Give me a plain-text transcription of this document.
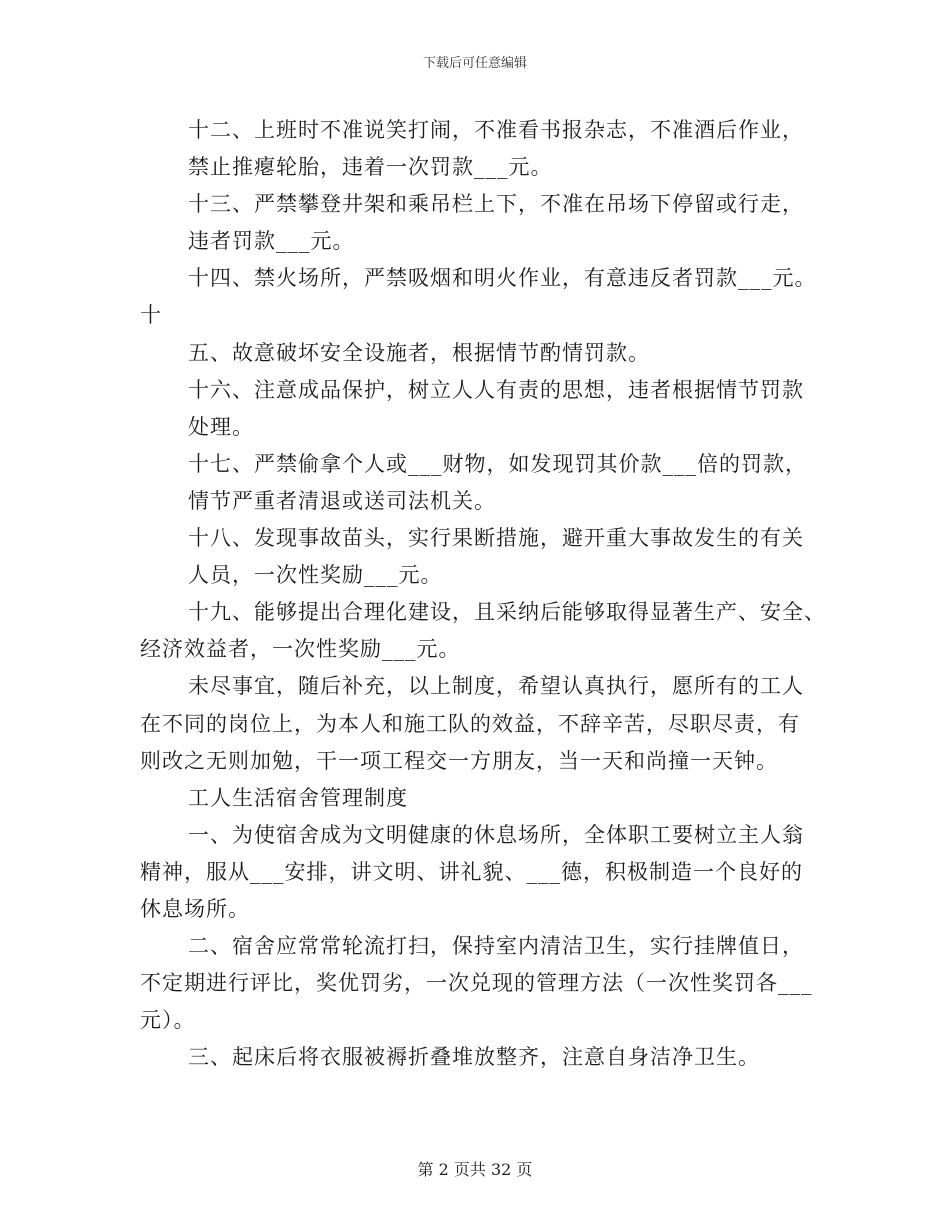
下载后可任意编辑
十二、上班时不准说笑打闹，不准看书报杂志，不准酒后作业，
禁止推瘪轮胎，违着一次罚款___元。
十三、严禁攀登井架和乘吊栏上下，不准在吊场下停留或行走，
违者罚款___元。
十四、禁火场所，严禁吸烟和明火作业，有意违反者罚款___元。
十
五、故意破坏安全设施者，根据情节酌情罚款。
十六、注意成品保护，树立人人有责的思想，违者根据情节罚款
处理。
十七、严禁偷拿个人或___财物，如发现罚其价款___倍的罚款，
情节严重者清退或送司法机关。
十八、发现事故苗头，实行果断措施，避开重大事故发生的有关
人员，一次性奖励___元。
十九、能够提出合理化建设，且采纳后能够取得显著生产、安全、
经济效益者，一次性奖励___元。
未尽事宜，随后补充，以上制度，希望认真执行，愿所有的工人
在不同的岗位上，为本人和施工队的效益，不辞辛苦，尽职尽责，有
则改之无则加勉，干一项工程交一方朋友，当一天和尚撞一天钟。
工人生活宿舍管理制度
一、为使宿舍成为文明健康的休息场所，全体职工要树立主人翁
精神，服从___安排，讲文明、讲礼貌、___德，积极制造一个良好的
休息场所。
二、宿舍应常常轮流打扫，保持室内清洁卫生，实行挂牌值日，
不定期进行评比，奖优罚劣，一次兑现的管理方法（一次性奖罚各___
元）。
三、起床后将衣服被褥折叠堆放整齐，注意自身洁净卫生。
第 2 页共 32 页
